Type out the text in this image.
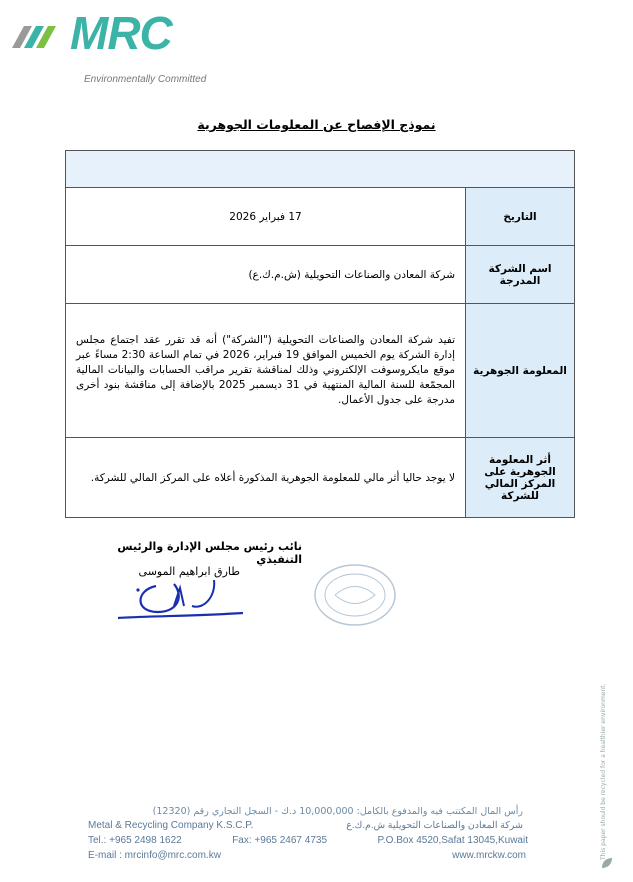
MRC
Environmentally Committed
نموذج الإفصاح عن المعلومات الجوهرية

التاريخ	17 فبراير 2026
اسم الشركة المدرجة	شركة المعادن والصناعات التحويلية (ش.م.ك.ع)
المعلومة الجوهرية	تفيد شركة المعادن والصناعات التحويلية ("الشركة") أنه قد تقرر عقد اجتماع مجلس إدارة الشركة يوم الخميس الموافق 19 فبراير، 2026 في تمام الساعة 2:30 مساءً عبر موقع مايكروسوفت الإلكتروني وذلك لمناقشة تقرير مراقب الحسابات والبيانات المالية المجمّعة للسنة المالية المنتهية في 31 ديسمبر 2025 بالإضافة إلى مناقشة بنود أخرى مدرجة على جدول الأعمال.
أثر المعلومة الجوهرية على المركز المالي للشركة	لا يوجد حاليا أثر مالي للمعلومة الجوهرية المذكورة أعلاه على المركز المالي للشركة.
نائب رئيس مجلس الإدارة والرئيس التنفيذي
طارق ابراهيم الموسى
This paper should be recycled for a healthier environment.
رأس المال المكتتب فيه والمدفوع بالكامل: 10,000,000 د.ك - السجل التجاري رقم (12320)
Metal & Recycling Company K.S.C.P.	شركة المعادن والصناعات التحويلية ش.م.ك.ع
Tel.: +965 2498 1622	Fax: +965 2467 4735	P.O.Box 4520,Safat 13045,Kuwait
E-mail : mrcinfo@mrc.com.kw	www.mrckw.com
